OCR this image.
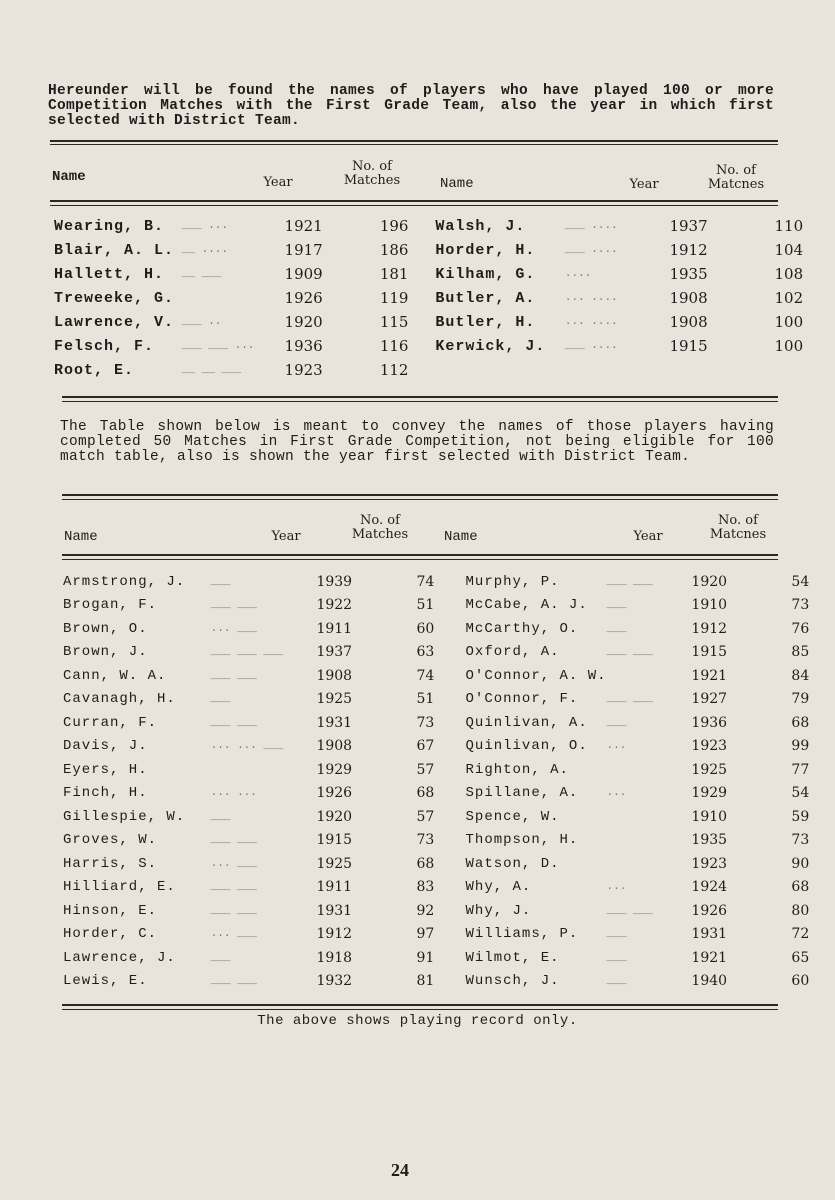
Hereunder will be found the names of players who have played 100 or more Competition Matches with the First Grade Team, also the year in which first selected with District Team.
Name	Year
No. of
Matches	Name	Year
No. of
Matcnes
Wearing, B.	___ ...	1921	196	Walsh, J.	___ ....	1937	110
Blair, A. L.	__ ....	1917	186	Horder, H.	___ ....	1912	104
Hallett, H.	__ ___	1909	181	Kilham, G.	....	1935	108
Treweeke, G.		1926	119	Butler, A.	... ....	1908	102
Lawrence, V.	___ ..	1920	115	Butler, H.	... ....	1908	100
Felsch, F.	___ ___ ...	1936	116	Kerwick, J.	___ ....	1915	100
Root, E.	__ __ ___	1923	112				
The Table shown below is meant to convey the names of those players having completed 50 Matches in First Grade Competition, not being eligible for 100 match table, also is shown the year first selected with District Team.
Name	Year
No. of
Matches	Name	Year
No. of
Matcnes
Armstrong, J.	___	1939	74	Murphy, P.	___ ___	1920	54
Brogan, F.	___ ___	1922	51	McCabe, A. J.	___	1910	73
Brown, O.	... ___	1911	60	McCarthy, O.	___	1912	76
Brown, J.	___ ___ ___	1937	63	Oxford, A.	___ ___	1915	85
Cann, W. A.	___ ___	1908	74	O'Connor, A. W.		1921	84
Cavanagh, H.	___	1925	51	O'Connor, F.	___ ___	1927	79
Curran, F.	___ ___	1931	73	Quinlivan, A.	___	1936	68
Davis, J.	... ... ___	1908	67	Quinlivan, O.	...	1923	99
Eyers, H.		1929	57	Righton, A.		1925	77
Finch, H.	... ...	1926	68	Spillane, A.	...	1929	54
Gillespie, W.	___	1920	57	Spence, W.		1910	59
Groves, W.	___ ___	1915	73	Thompson, H.		1935	73
Harris, S.	... ___	1925	68	Watson, D.		1923	90
Hilliard, E.	___ ___	1911	83	Why, A.	...	1924	68
Hinson, E.	___ ___	1931	92	Why, J.	___ ___	1926	80
Horder, C.	... ___	1912	97	Williams, P.	___	1931	72
Lawrence, J.	___	1918	91	Wilmot, E.	___	1921	65
Lewis, E.	___ ___	1932	81	Wunsch, J.	___	1940	60
The above shows playing record only.
24
